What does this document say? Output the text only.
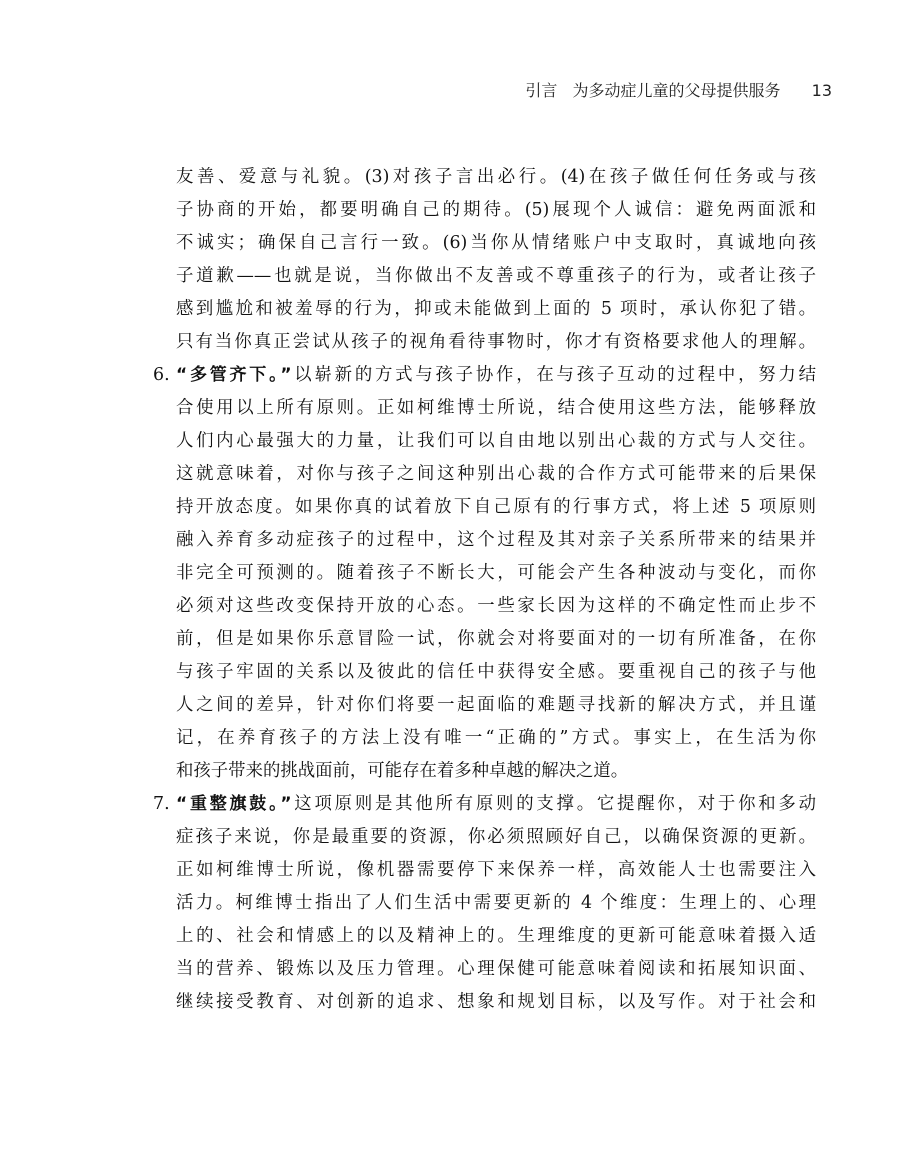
引言 为多动症儿童的父母提供服务 13
友善、爱意与礼貌。(3)对孩子言出必行。(4)在孩子做任何任务或与孩
子协商的开始，都要明确自己的期待。(5)展现个人诚信：避免两面派和
不诚实；确保自己言行一致。(6)当你从情绪账户中支取时，真诚地向孩
子道歉——也就是说，当你做出不友善或不尊重孩子的行为，或者让孩子
感到尴尬和被羞辱的行为，抑或未能做到上面的 5 项时，承认你犯了错。
只有当你真正尝试从孩子的视角看待事物时，你才有资格要求他人的理解。
6. “多管齐下。”以崭新的方式与孩子协作，在与孩子互动的过程中，努力结
合使用以上所有原则。正如柯维博士所说，结合使用这些方法，能够释放
人们内心最强大的力量，让我们可以自由地以别出心裁的方式与人交往。
这就意味着，对你与孩子之间这种别出心裁的合作方式可能带来的后果保
持开放态度。如果你真的试着放下自己原有的行事方式，将上述 5 项原则
融入养育多动症孩子的过程中，这个过程及其对亲子关系所带来的结果并
非完全可预测的。随着孩子不断长大，可能会产生各种波动与变化，而你
必须对这些改变保持开放的心态。一些家长因为这样的不确定性而止步不
前，但是如果你乐意冒险一试，你就会对将要面对的一切有所准备，在你
与孩子牢固的关系以及彼此的信任中获得安全感。要重视自己的孩子与他
人之间的差异，针对你们将要一起面临的难题寻找新的解决方式，并且谨
记，在养育孩子的方法上没有唯一“正确的”方式。事实上，在生活为你
和孩子带来的挑战面前，可能存在着多种卓越的解决之道。
7. “重整旗鼓。”这项原则是其他所有原则的支撑。它提醒你，对于你和多动
症孩子来说，你是最重要的资源，你必须照顾好自己，以确保资源的更新。
正如柯维博士所说，像机器需要停下来保养一样，高效能人士也需要注入
活力。柯维博士指出了人们生活中需要更新的 4 个维度：生理上的、心理
上的、社会和情感上的以及精神上的。生理维度的更新可能意味着摄入适
当的营养、锻炼以及压力管理。心理保健可能意味着阅读和拓展知识面、
继续接受教育、对创新的追求、想象和规划目标，以及写作。对于社会和
